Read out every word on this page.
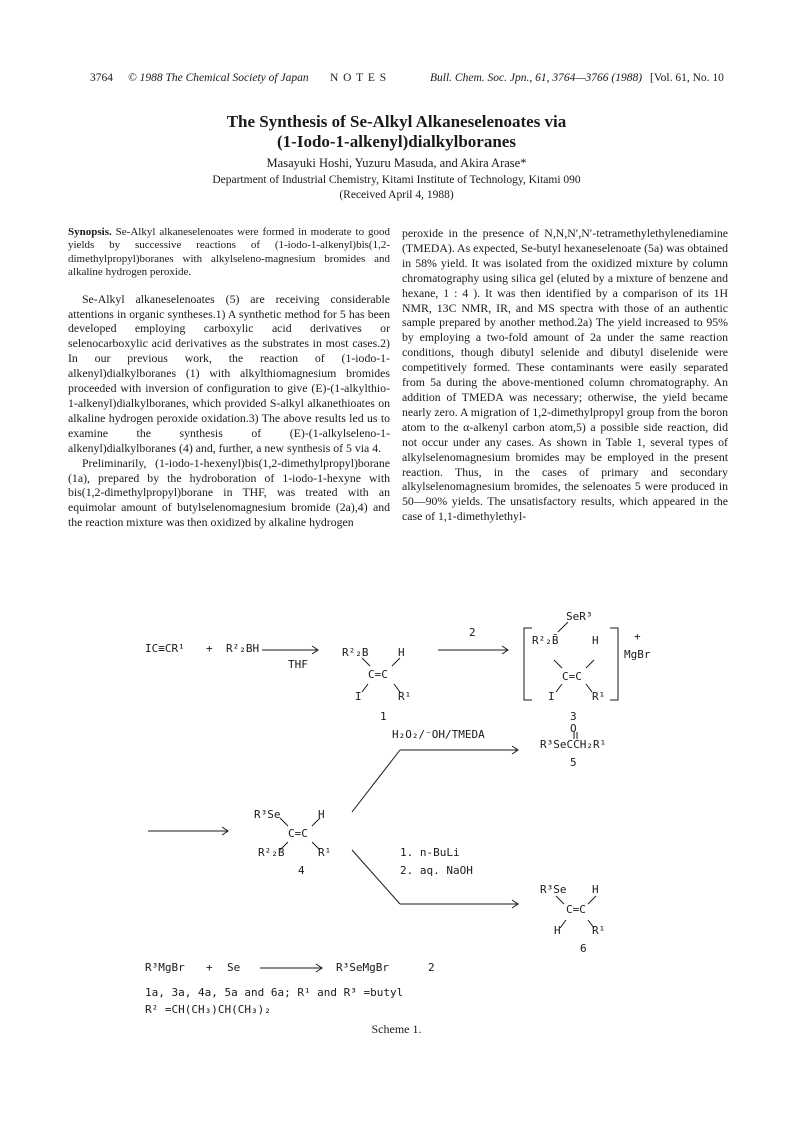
3764 © 1988 The Chemical Society of Japan N O T E S	Bull. Chem. Soc. Jpn., 61, 3764—3766 (1988) [Vol. 61, No. 10
The Synthesis of Se-Alkyl Alkaneselenoates via
(1-Iodo-1-alkenyl)dialkylboranes
Masayuki Hoshi, Yuzuru Masuda, and Akira Arase*
Department of Industrial Chemistry, Kitami Institute of Technology, Kitami 090
(Received April 4, 1988)

Synopsis. Se-Alkyl alkaneselenoates were formed in moderate to good yields by successive reactions of (1-iodo-1-alkenyl)bis(1,2-dimethylpropyl)boranes with alkylseleno-magnesium bromides and alkaline hydrogen peroxide.

Se-Alkyl alkaneselenoates (5) are receiving considerable attentions in organic syntheses.1) A synthetic method for 5 has been developed employing carboxylic acid derivatives or selenocarboxylic acid derivatives as the substrates in most cases.2) In our previous work, the reaction of (1-iodo-1-alkenyl)dialkylboranes (1) with alkylthiomagnesium bromides proceeded with inversion of configuration to give (E)-(1-alkylthio-1-alkenyl)dialkylboranes, which provided S-alkyl alkanethioates on alkaline hydrogen peroxide oxidation.3) The above results led us to examine the synthesis of (E)-(1-alkylseleno-1-alkenyl)dialkylboranes (4) and, further, a new synthesis of 5 via 4.

Preliminarily, (1-iodo-1-hexenyl)bis(1,2-dimethylpropyl)borane (1a), prepared by the hydroboration of 1-iodo-1-hexyne with bis(1,2-dimethylpropyl)borane in THF, was treated with an equimolar amount of butylselenomagnesium bromide (2a),4) and the reaction mixture was then oxidized by alkaline hydrogen

peroxide in the presence of N,N,N′,N′-tetramethylethylenediamine (TMEDA). As expected, Se-butyl hexaneselenoate (5a) was obtained in 58% yield. It was isolated from the oxidized mixture by column chromatography using silica gel (eluted by a mixture of benzene and hexane, 1 : 4 ). It was then identified by a comparison of its 1H NMR, 13C NMR, IR, and MS spectra with those of an authentic sample prepared by another method.2a) The yield increased to 95% by employing a two-fold amount of 2a under the same reaction conditions, though dibutyl selenide and dibutyl diselenide were competitively formed. These contaminants were easily separated from 5a during the above-mentioned column chromatography. An addition of TMEDA was necessary; otherwise, the yield became nearly zero. A migration of 1,2-dimethylpropyl group from the boron atom to the α-alkenyl carbon atom,5) a possible side reaction, did not occur under any cases. As shown in Table 1, several types of alkylselenomagnesium bromides may be employed in the present reaction. Thus, in the cases of primary and secondary alkylselenomagnesium bromides, the selenoates 5 were produced in 50—90% yields. The unsatisfactory results, which appeared in the case of 1,1-dimethylethyl-

IC≡CR¹ + R²₂BH
THF
R²₂B	H
C=C
I	R¹
1
2
SeR³
R²₂B̄	H
C=C
I	R¹
+
MgBr
3
H₂O₂/⁻OH/TMEDA	O
R³SeCCH₂R¹
5
R³Se	H
C=C
R²₂B	R¹
4
1. n-BuLi
2. aq. NaOH
R³Se H
C=C
H	R¹
6
R³MgBr + Se	R³SeMgBr	2
1a, 3a, 4a, 5a and 6a; R¹ and R³ =butyl
R² =CH(CH₃)CH(CH₃)₂
Scheme 1.
